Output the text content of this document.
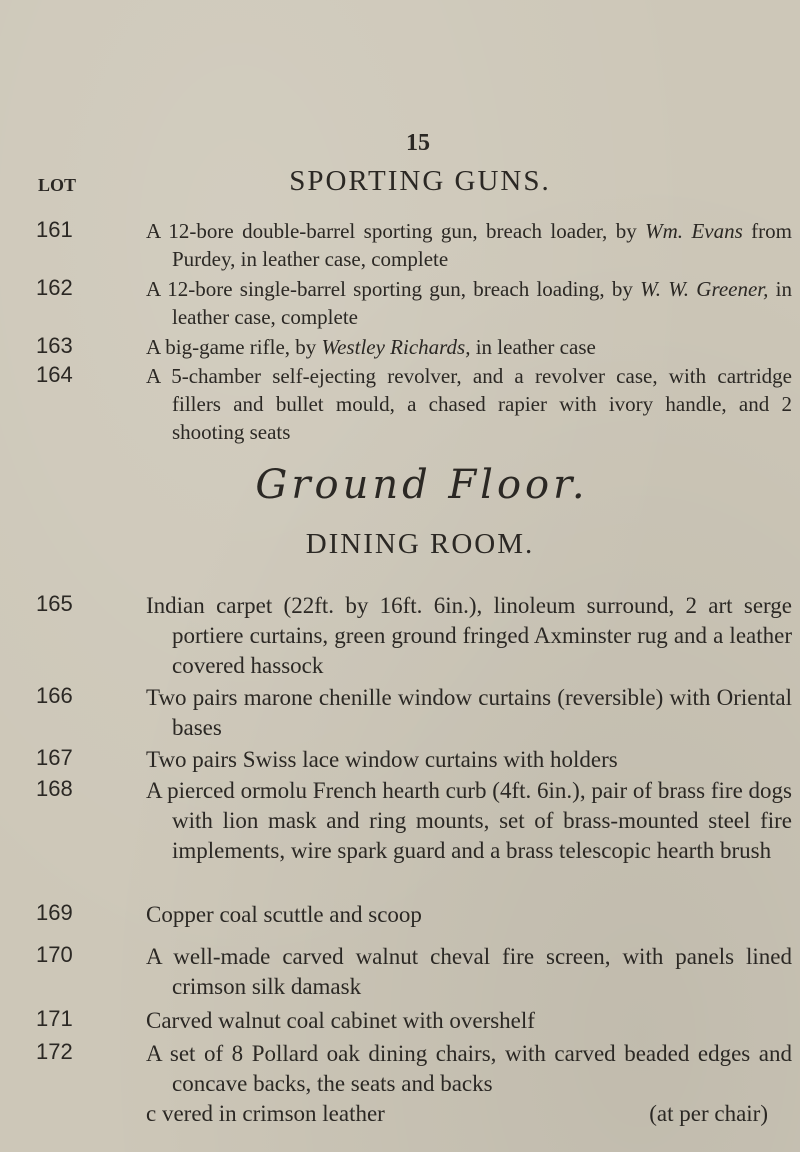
15
LOT	SPORTING GUNS.
161	A 12-bore double-barrel sporting gun, breach loader, by Wm. Evans from Purdey, in leather case, complete
162	A 12-bore single-barrel sporting gun, breach loading, by W. W. Greener, in leather case, complete
163	A big-game rifle, by Westley Richards, in leather case
164	A 5-chamber self-ejecting revolver, and a revolver case, with cartridge fillers and bullet mould, a chased rapier with ivory handle, and 2 shooting seats
Ground Floor.
DINING ROOM.
165	Indian carpet (22ft. by 16ft. 6in.), linoleum surround, 2 art serge portiere curtains, green ground fringed Axminster rug and a leather covered hassock
166	Two pairs marone chenille window curtains (reversible) with Oriental bases
167	Two pairs Swiss lace window curtains with holders
168	A pierced ormolu French hearth curb (4ft. 6in.), pair of brass fire dogs with lion mask and ring mounts, set of brass-mounted steel fire implements, wire spark guard and a brass telescopic hearth brush
169	Copper coal scuttle and scoop
170	A well-made carved walnut cheval fire screen, with panels lined crimson silk damask
171	Carved walnut coal cabinet with overshelf
172	A set of 8 Pollard oak dining chairs, with carved beaded edges and concave backs, the seats and backs
c vered in crimson leather	(at per chair)
